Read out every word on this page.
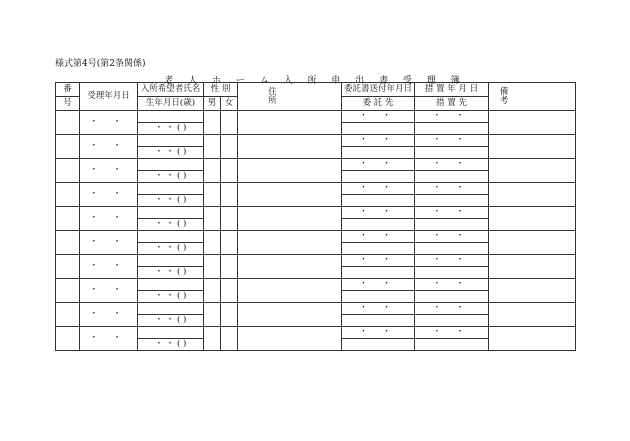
様式第4号(第2条関係)
老 人 ホ ー ム 入 所 申 出 書 受 理 簿
番	受理年月日	入所希望者氏名	性 別		住 所	委託書送付年月日	措 置 年 月 日	備 考
号		生年月日(歳)	男	女		委 託 先	措 置 先	
	・ ・					・ ・	・ ・	
		・ ・ ( )						
	・ ・					・ ・	・ ・	
		・ ・ ( )						
	・ ・					・ ・	・ ・	
		・ ・ ( )						
	・ ・					・ ・	・ ・	
		・ ・ ( )						
	・ ・					・ ・	・ ・	
		・ ・ ( )						
	・ ・					・ ・	・ ・	
		・ ・ ( )						
	・ ・					・ ・	・ ・	
		・ ・ ( )						
	・ ・					・ ・	・ ・	
		・ ・ ( )						
	・ ・					・ ・	・ ・	
		・ ・ ( )						
	・ ・					・ ・	・ ・	
		・ ・ ( )						
